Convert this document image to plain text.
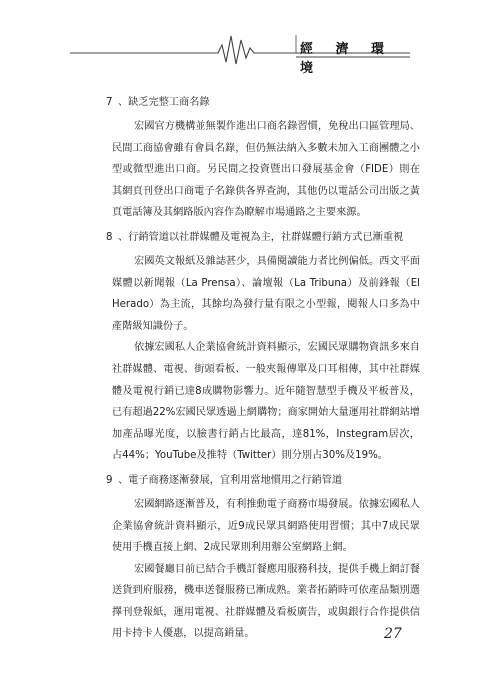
經 濟 環 境
7 、缺乏完整工商名錄

宏國官方機構並無製作進出口商名錄習慣，免稅出口區管理局、民間工商協會雖有會員名錄，但仍無法納入多數未加入工商團體之小型或微型進出口商。另民間之投資暨出口發展基金會（FIDE）則在其網頁刊登出口商電子名錄供各界查詢，其他仍以電話公司出版之黃頁電話簿及其網路版內容作為瞭解市場通路之主要來源。

8 、行銷管道以社群媒體及電視為主，社群媒體行銷方式已漸重視

宏國英文報紙及雜誌甚少，具備閱讀能力者比例偏低。西文平面媒體以新聞報（La Prensa）、論壇報（La Tribuna）及前鋒報（El Herado）為主流，其餘均為發行量有限之小型報，閱報人口多為中產階級知識份子。

依據宏國私人企業協會統計資料顯示，宏國民眾購物資訊多來自社群媒體、電視、街頭看板、一般夾報傳單及口耳相傳，其中社群媒體及電視行銷已達8成購物影響力。近年隨智慧型手機及平板普及，已有超過22%宏國民眾透過上網購物；商家開始大量運用社群網站增加產品曝光度，以臉書行銷占比最高，達81%，Instegram居次，占44%；YouTube及推特（Twitter）則分別占30%及19%。

9 、電子商務逐漸發展，宜利用當地慣用之行銷管道

宏國網路逐漸普及，有利推動電子商務市場發展。依據宏國私人企業協會統計資料顯示，近9成民眾具網路使用習慣；其中7成民眾使用手機直接上網、2成民眾則利用辦公室網路上網。

宏國餐廳目前已結合手機訂餐應用服務科技，提供手機上網訂餐送貨到府服務，機車送餐服務已漸成熟。業者拓銷時可依產品類別選擇刊登報紙，運用電視、社群媒體及看板廣告，或與銀行合作提供信用卡持卡人優惠，以提高銷量。	27
